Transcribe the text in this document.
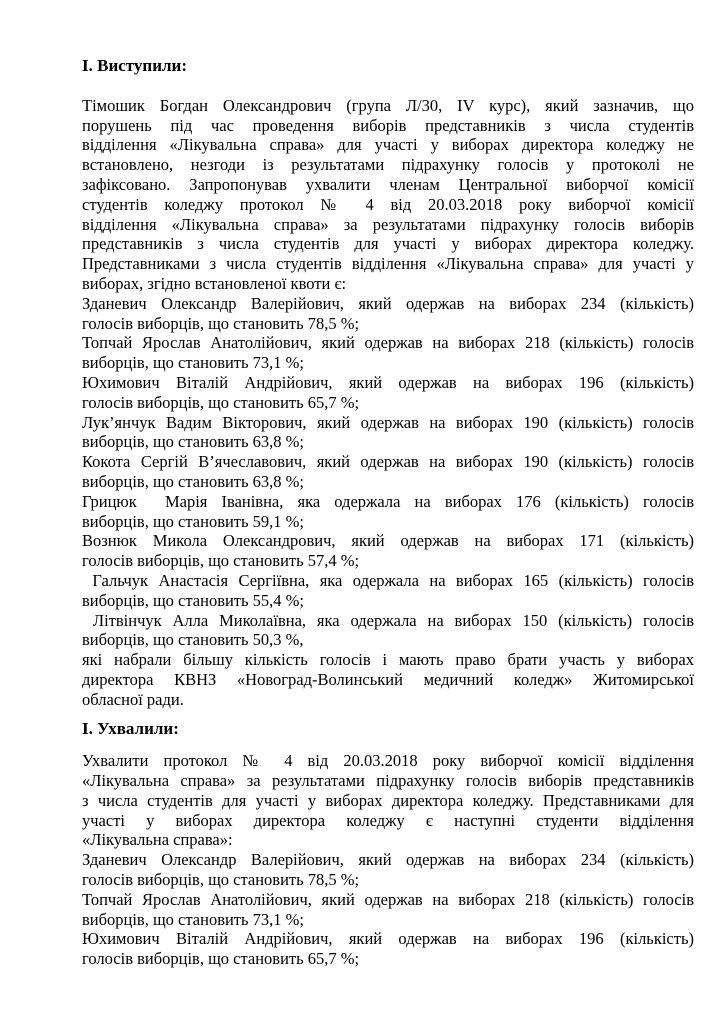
І. Виступили:
Тімошик Богдан Олександрович (група Л/30, ІV курс), який зазначив, що
порушень під час проведення виборів представників з числа студентів
відділення «Лікувальна справа» для участі у виборах директора коледжу не
встановлено, незгоди із результатами підрахунку голосів у протоколі не
зафіксовано. Запропонував ухвалити членам Центральної виборчої комісії
студентів коледжу протокол № 4 від 20.03.2018 року виборчої комісії
відділення «Лікувальна справа» за результатами підрахунку голосів виборів
представників з числа студентів для участі у виборах директора коледжу.
Представниками з числа студентів відділення «Лікувальна справа» для участі у
виборах, згідно встановленої квоти є:
Зданевич Олександр Валерійович, який одержав на виборах 234 (кількість)
голосів виборців, що становить 78,5 %;
Топчай Ярослав Анатолійович, який одержав на виборах 218 (кількість) голосів
виборців, що становить 73,1 %;
Юхимович Віталій Андрійович, який одержав на виборах 196 (кількість)
голосів виборців, що становить 65,7 %;
Лук’янчук Вадим Вікторович, який одержав на виборах 190 (кількість) голосів
виборців, що становить 63,8 %;
Кокота Сергій В’ячеславович, який одержав на виборах 190 (кількість) голосів
виборців, що становить 63,8 %;
Грицюк  Марія Іванівна, яка одержала на виборах 176 (кількість) голосів
виборців, що становить 59,1 %;
Вознюк Микола Олександрович, який одержав на виборах 171 (кількість)
голосів виборців, що становить 57,4 %;
Гальчук Анастасія Сергіївна, яка одержала на виборах 165 (кількість) голосів
виборців, що становить 55,4 %;
Літвінчук Алла Миколаївна, яка одержала на виборах 150 (кількість) голосів
виборців, що становить 50,3 %,
які набрали більшу кількість голосів і мають право брати участь у виборах
директора КВНЗ «Новоград-Волинський медичний коледж» Житомирської
обласної ради.
І. Ухвалили:
Ухвалити протокол № 4 від 20.03.2018 року виборчої комісії відділення
«Лікувальна справа» за результатами підрахунку голосів виборів представників
з числа студентів для участі у виборах директора коледжу. Представниками для
участі у виборах директора коледжу є наступні студенти відділення
«Лікувальна справа»:
Зданевич Олександр Валерійович, який одержав на виборах 234 (кількість)
голосів виборців, що становить 78,5 %;
Топчай Ярослав Анатолійович, який одержав на виборах 218 (кількість) голосів
виборців, що становить 73,1 %;
Юхимович Віталій Андрійович, який одержав на виборах 196 (кількість)
голосів виборців, що становить 65,7 %;
